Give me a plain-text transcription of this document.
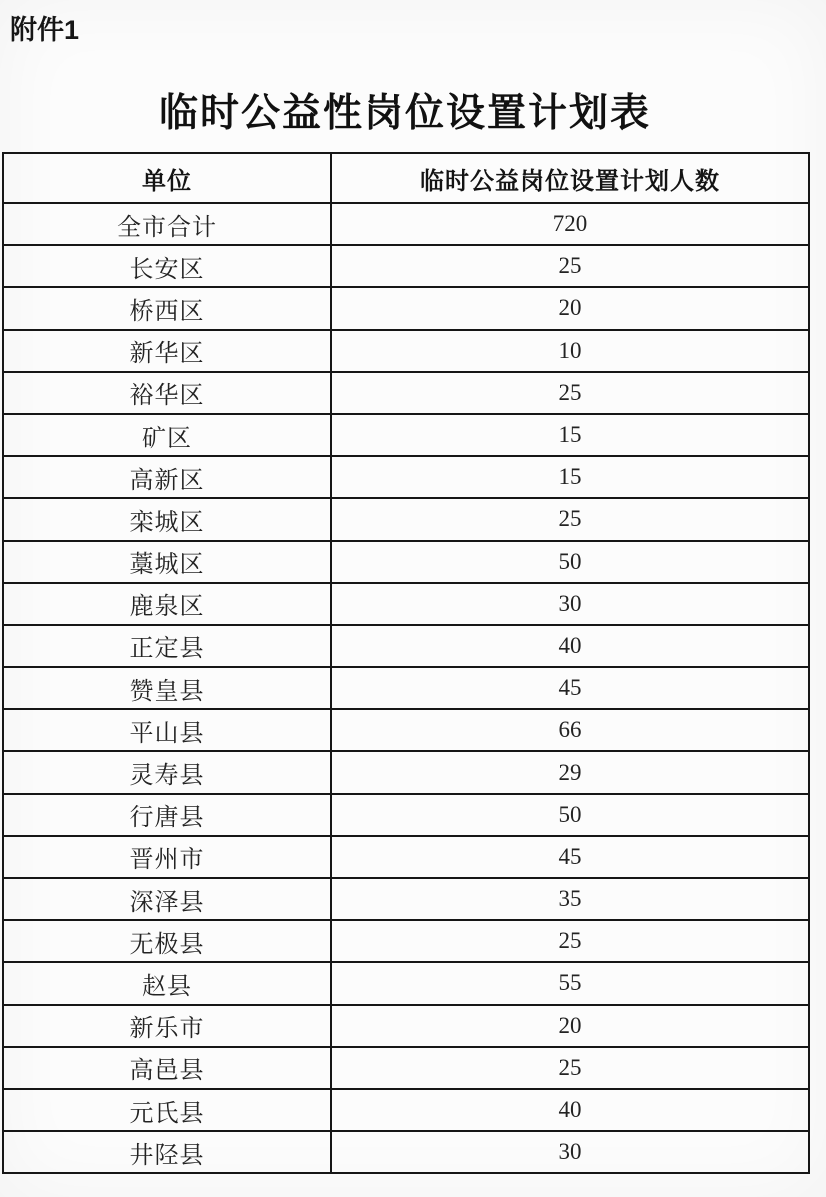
附件1
临时公益性岗位设置计划表
单位	临时公益岗位设置计划人数
全市合计	720
长安区	25
桥西区	20
新华区	10
裕华区	25
矿区	15
高新区	15
栾城区	25
藁城区	50
鹿泉区	30
正定县	40
赞皇县	45
平山县	66
灵寿县	29
行唐县	50
晋州市	45
深泽县	35
无极县	25
赵县	55
新乐市	20
高邑县	25
元氏县	40
井陉县	30
